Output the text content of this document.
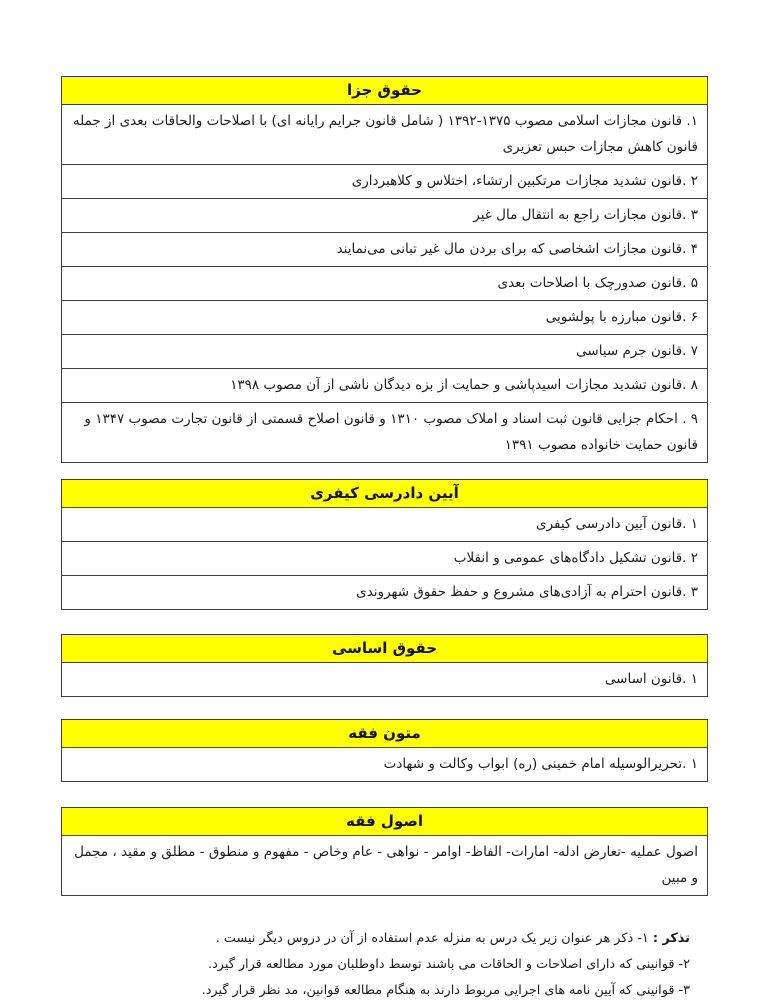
حقوق جزا
۱. قانون مجازات اسلامی مصوب ۱۳۷۵-۱۳۹۲ ( شامل قانون جرایم رایانه ای) با اصلاحات والحاقات بعدی از جمله قانون کاهش مجازات حبس تعزیری
۲ .قانون تشدید مجازات مرتکبین ارتشاء، اختلاس و کلاهبرداری
۳ .قانون مجازات راجع به انتقال مال غیر
۴ .قانون مجازات اشخاصی که برای بردن مال غیر تبانی می‌نمایند
۵ .قانون صدورچک با اصلاحات بعدی
۶ .قانون مبارزه با پولشویی
۷ .قانون جرم سیاسی
۸ .قانون تشدید مجازات اسیدپاشی و حمایت از بزه دیدگان ناشی از آن مصوب ۱۳۹۸
۹ . احکام جزایی قانون ثبت اسناد و املاک مصوب ۱۳۱۰ و قانون اصلاح قسمتی از قانون تجارت مصوب ۱۳۴۷ و قانون حمایت خانواده مصوب ۱۳۹۱
آیین دادرسی کیفری
۱ .قانون آیین دادرسی کیفری
۲ .قانون تشکیل دادگاه‌های عمومی و انقلاب
۳ .قانون احترام به آزادی‌های مشروع و حفظ حقوق شهروندی
حقوق اساسی
۱ .قانون اساسی
متون فقه
۱ .تحریرالوسیله امام خمینی (ره) ابواب وکالت و شهادت
اصول فقه
اصول عملیه -تعارض ادله- امارات- الفاظ- اوامر - نواهی - عام وخاص - مفهوم و منطوق - مطلق و مقید ، مجمل و مبین
تذکر : ۱- ذکر هر عنوان زیر یک درس به منزله عدم استفاده از آن در دروس دیگر نیست .
۲- قوانینی که دارای اصلاحات و الحاقات می باشند توسط داوطلبان مورد مطالعه قرار گیرد.
۳- قوانینی که آیین نامه های اجرایی مربوط دارند به هنگام مطالعه قوانین، مد نظر قرار گیرد.
